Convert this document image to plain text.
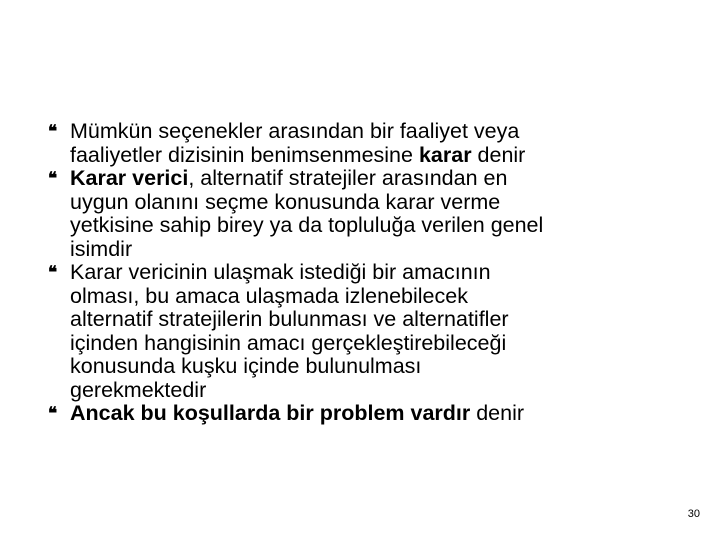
❝ Mümkün seçenekler arasından bir faaliyet veya
faaliyetler dizisinin benimsenmesine karar denir
❝ Karar verici, alternatif stratejiler arasından en
uygun olanını seçme konusunda karar verme
yetkisine sahip birey ya da topluluğa verilen genel
isimdir
❝ Karar vericinin ulaşmak istediği bir amacının
olması, bu amaca ulaşmada izlenebilecek
alternatif stratejilerin bulunması ve alternatifler
içinden hangisinin amacı gerçekleştirebileceği
konusunda kuşku içinde bulunulması
gerekmektedir
❝ Ancak bu koşullarda bir problem vardır denir
30
